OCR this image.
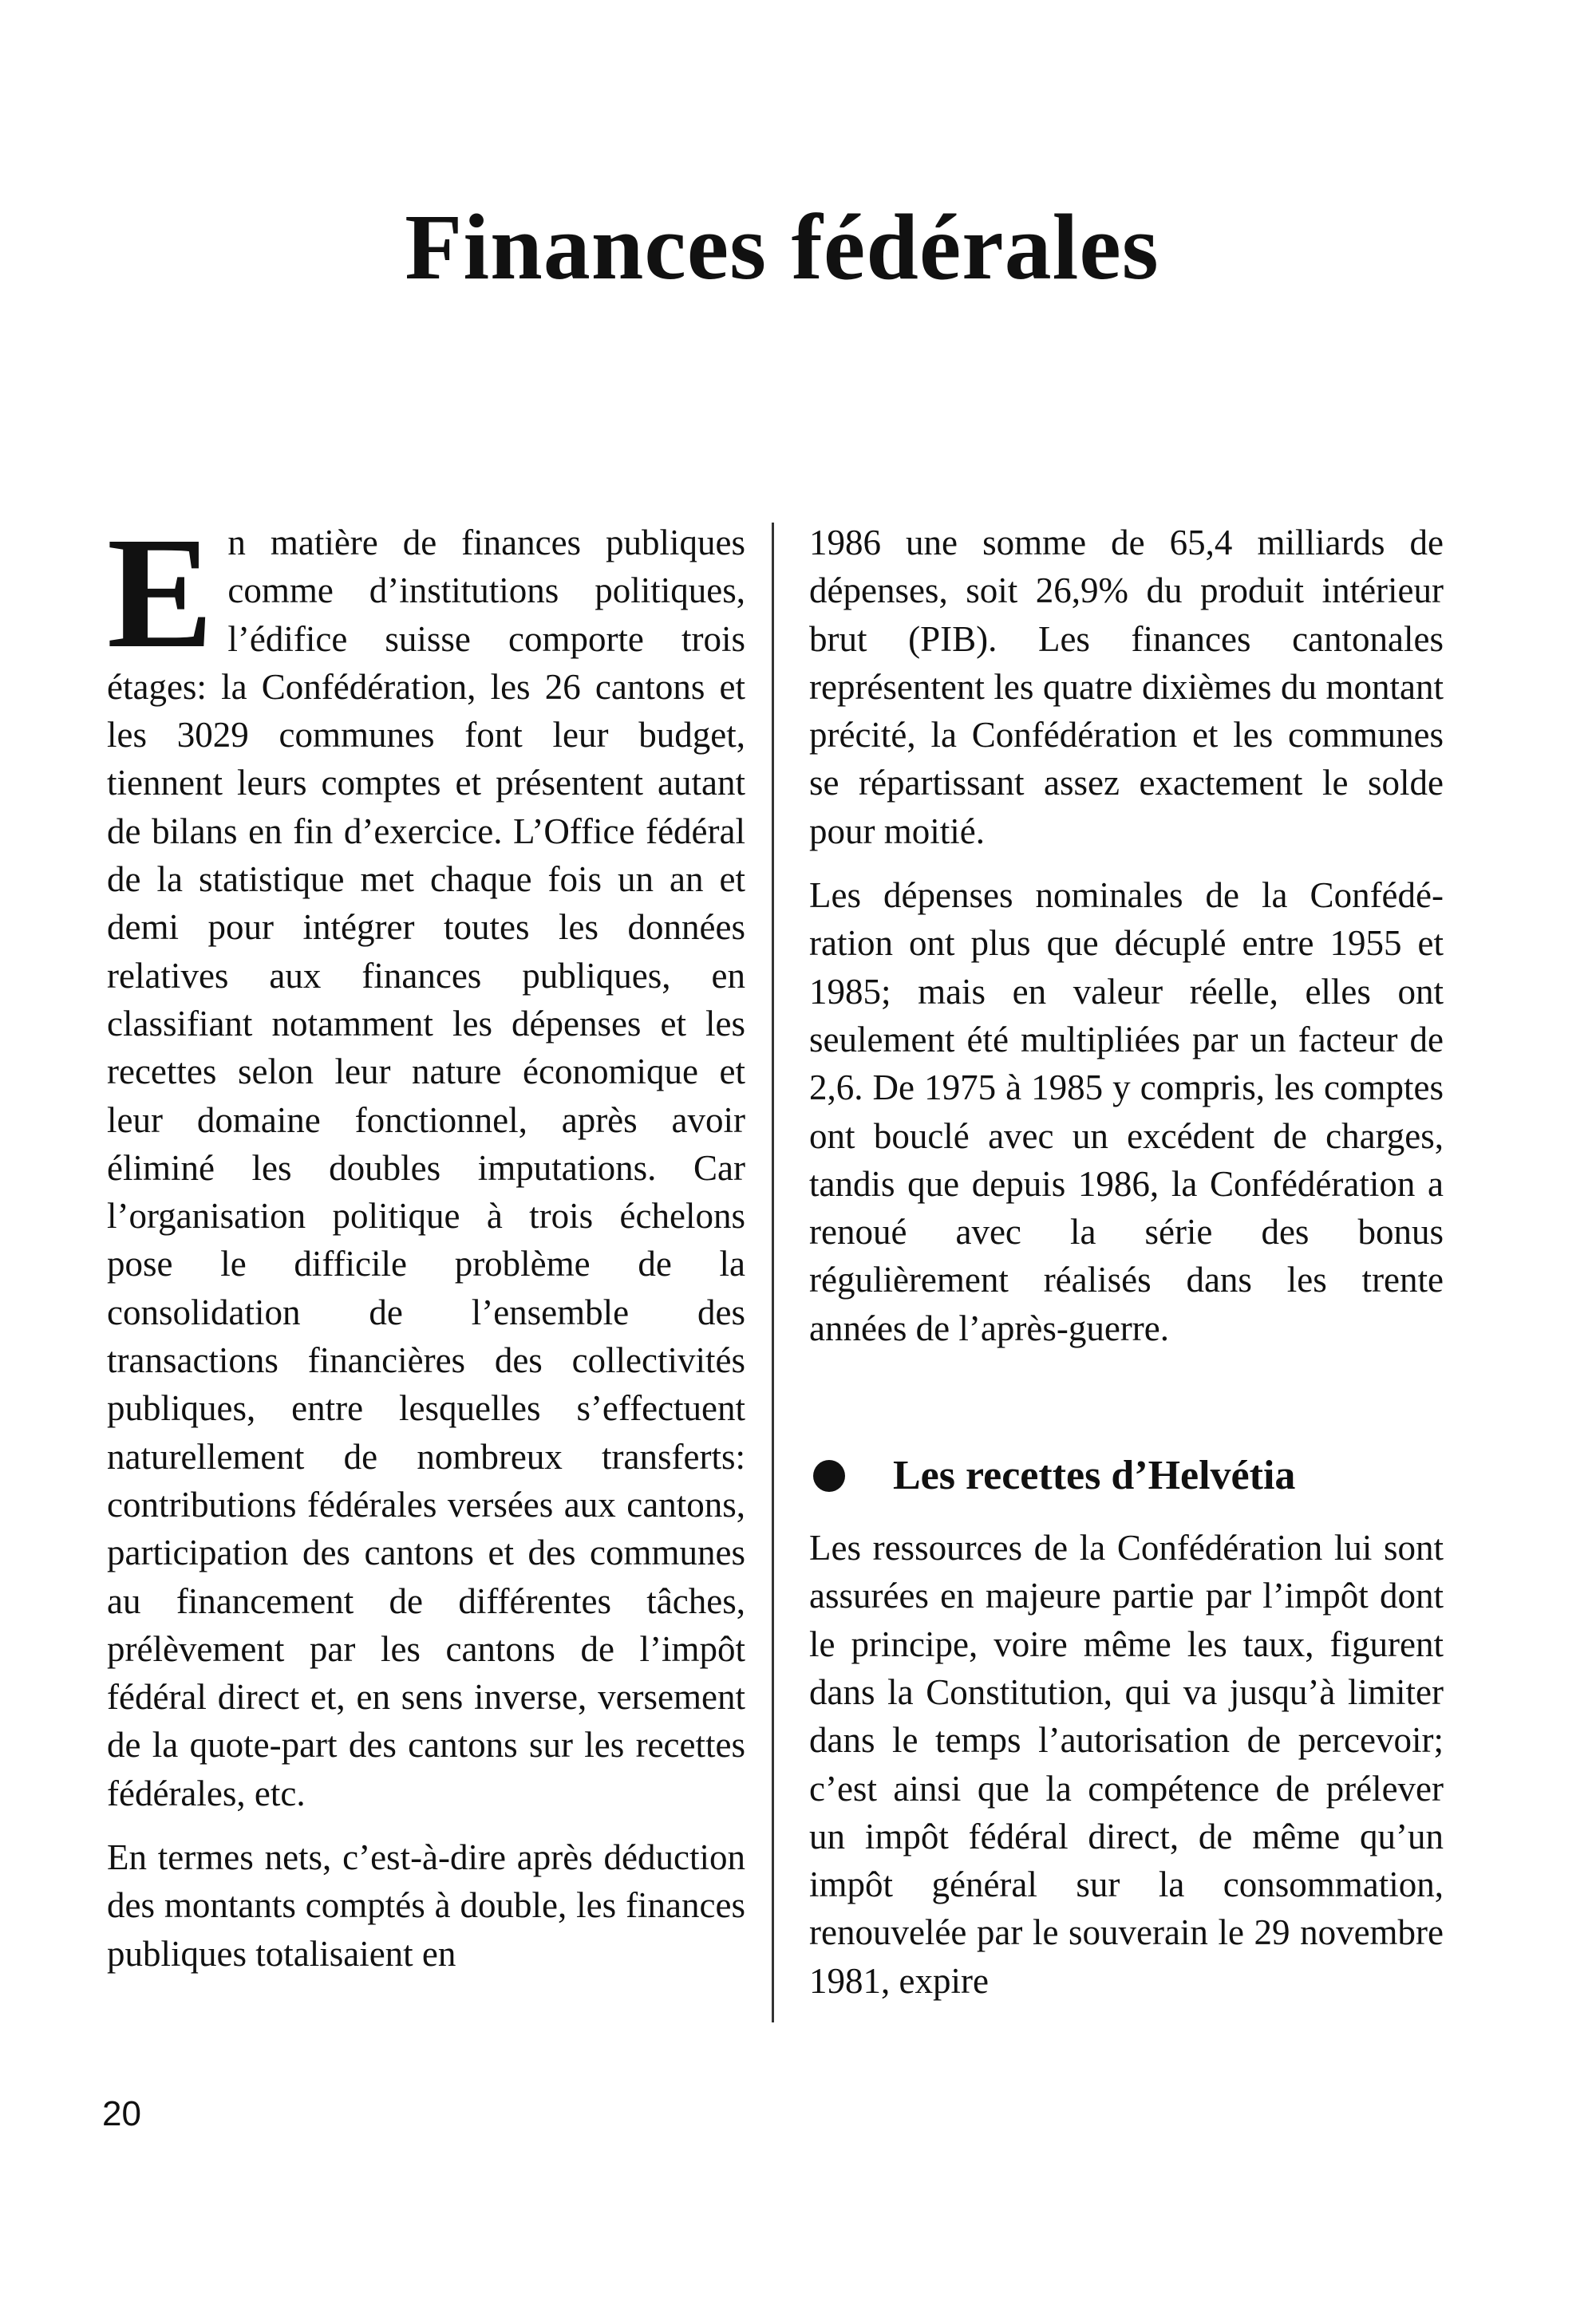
Finances fédérales

En matière de finances publiques comme d’institutions politiques, l’édifice suisse comporte trois étages: la Confédération, les 26 cantons et les 3029 communes font leur budget, tiennent leurs comptes et présentent autant de bilans en fin d’exercice. L’Office fédéral de la statistique met chaque fois un an et demi pour intégrer toutes les données relatives aux finances publiques, en classifiant notamment les dépenses et les recettes selon leur nature économique et leur domaine fonctionnel, après avoir éliminé les doubles imputations. Car l’organisation politique à trois échelons pose le difficile problème de la consolidation de l’ensemble des transactions financières des collectivités publiques, entre lesquelles s’effectuent naturellement de nombreux transferts: contributions fédérales versées aux cantons, participation des cantons et des communes au financement de différentes tâches, prélèvement par les cantons de l’impôt fédéral direct et, en sens inverse, versement de la quote-part des cantons sur les recettes fédérales, etc.

En termes nets, c’est-à-dire après déduction des montants comptés à double, les finances publiques totalisaient en

1986 une somme de 65,4 milliards de dépenses, soit 26,9% du produit intérieur brut (PIB). Les finances cantonales représentent les quatre dixièmes du montant précité, la Confédération et les communes se répartissant assez exactement le solde pour moitié.

Les dépenses nominales de la Confédération ont plus que décuplé entre 1955 et 1985; mais en valeur réelle, elles ont seulement été multipliées par un facteur de 2,6. De 1975 à 1985 y compris, les comptes ont bouclé avec un excédent de charges, tandis que depuis 1986, la Confédération a renoué avec la série des bonus régulièrement réalisés dans les trente années de l’après-guerre.

Les recettes d’Helvétia

Les ressources de la Confédération lui sont assurées en majeure partie par l’impôt dont le principe, voire même les taux, figurent dans la Constitution, qui va jusqu’à limiter dans le temps l’autorisation de percevoir; c’est ainsi que la compétence de prélever un impôt fédéral direct, de même qu’un impôt général sur la consommation, renouvelée par le souverain le 29 novembre 1981, expire

20
